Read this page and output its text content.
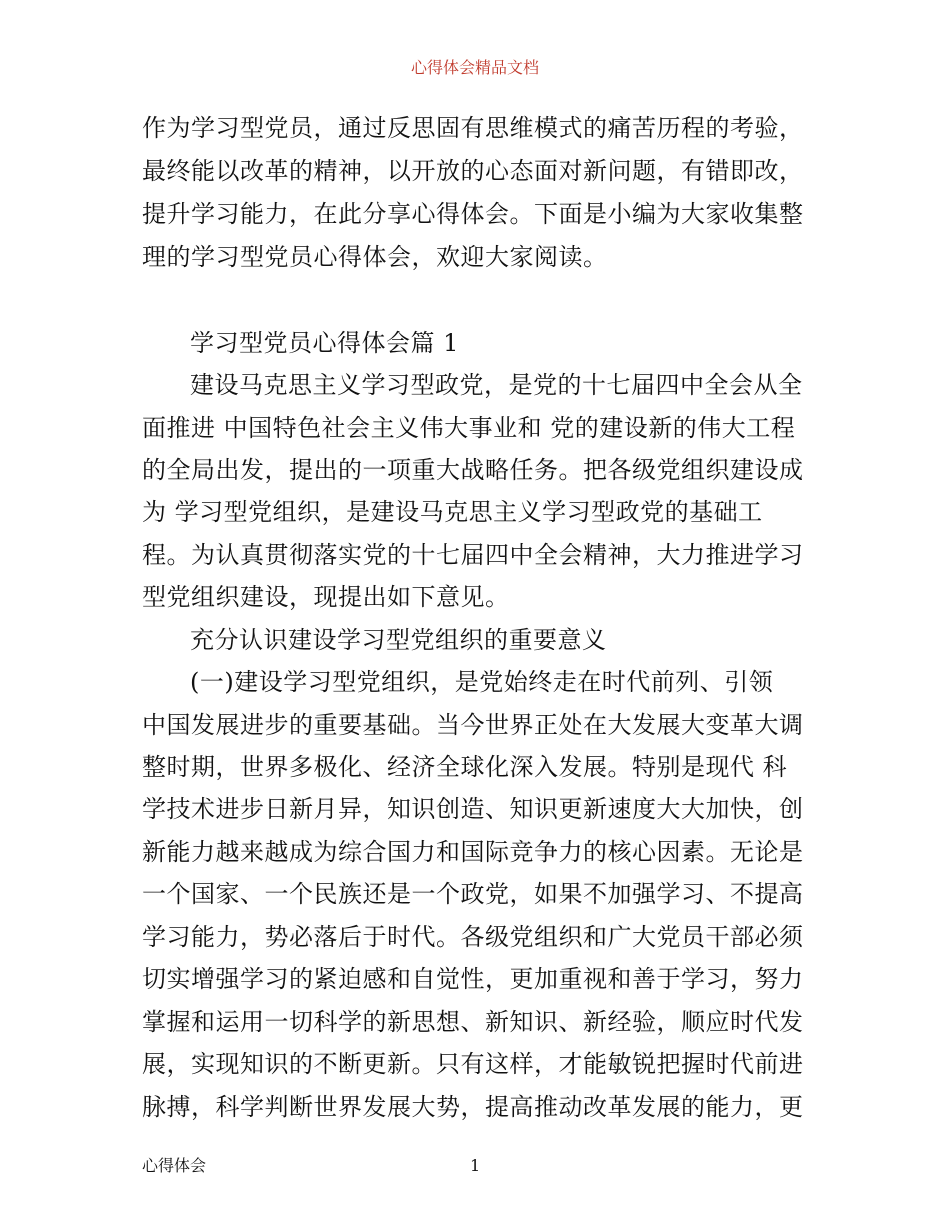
心得体会精品文档
作为学习型党员，通过反思固有思维模式的痛苦历程的考验，
最终能以改革的精神，以开放的心态面对新问题，有错即改，
提升学习能力，在此分享心得体会。下面是小编为大家收集整
理的学习型党员心得体会，欢迎大家阅读。
学习型党员心得体会篇 1
建设马克思主义学习型政党，是党的十七届四中全会从全
面推进 中国特色社会主义伟大事业和 党的建设新的伟大工程
的全局出发，提出的一项重大战略任务。把各级党组织建设成
为 学习型党组织，是建设马克思主义学习型政党的基础工
程。为认真贯彻落实党的十七届四中全会精神，大力推进学习
型党组织建设，现提出如下意见。
充分认识建设学习型党组织的重要意义
(一)建设学习型党组织，是党始终走在时代前列、引领
中国发展进步的重要基础。当今世界正处在大发展大变革大调
整时期，世界多极化、经济全球化深入发展。特别是现代 科
学技术进步日新月异，知识创造、知识更新速度大大加快，创
新能力越来越成为综合国力和国际竞争力的核心因素。无论是
一个国家、一个民族还是一个政党，如果不加强学习、不提高
学习能力，势必落后于时代。各级党组织和广大党员干部必须
切实增强学习的紧迫感和自觉性，更加重视和善于学习，努力
掌握和运用一切科学的新思想、新知识、新经验，顺应时代发
展，实现知识的不断更新。只有这样，才能敏锐把握时代前进
脉搏，科学判断世界发展大势，提高推动改革发展的能力，更
心得体会	1
